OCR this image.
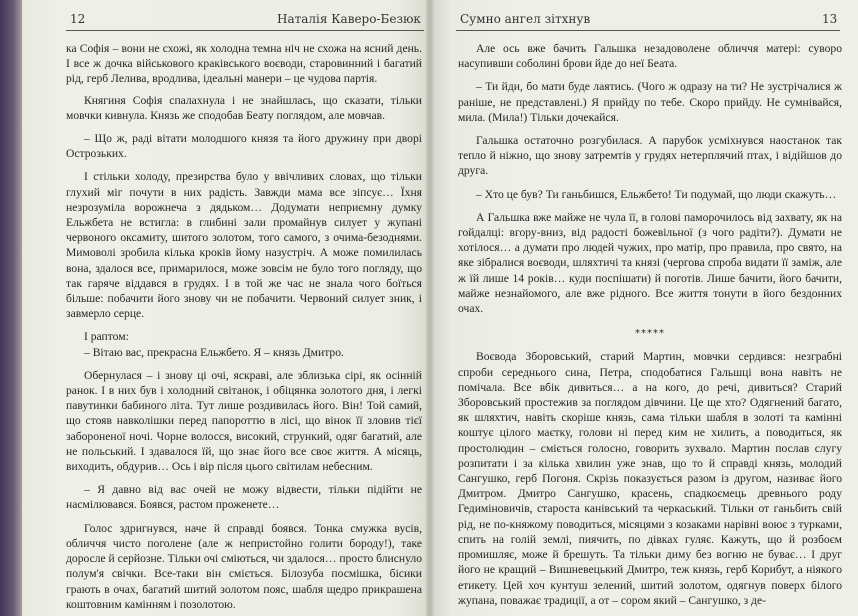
12	Наталія Каверо-Безюк

ка Софія – вони не схожі, як холодна темна ніч не схожа на ясний день. І все ж дочка військового краківського воєводи, старовинний і багатий рід, герб Лелива, вродлива, ідеальні манери – це чудова партія.

Княгиня Софія спалахнула і не знайшлась, що сказати, тільки мовчки кивнула. Князь же сподобав Беату поглядом, але мовчав.

– Що ж, раді вітати молодшого князя та його дружину при дворі Острозьких.

І стільки холоду, презирства було у ввічливих словах, що тільки глухий міг почути в них радість. Завжди мама все зіпсує… Їхня незрозуміла ворожнеча з дядьком… Додумати неприємну думку Ельжбета не встигла: в глибині зали промайнув силует у жупані червоного оксамиту, шитого золотом, того самого, з очима-безоднями. Мимоволі зробила кілька кроків йому назустріч. А може помилилась вона, здалося все, примарилося, може зовсім не було того погляду, що так гаряче віддався в грудях. І в той же час не знала чого боїться більше: побачити його знову чи не побачити. Червоний силует зник, і завмерло серце.

І раптом:

– Вітаю вас, прекрасна Ельжбето. Я – князь Дмитро.

Обернулася – і знову ці очі, яскраві, але зблизька сірі, як осінній ранок. І в них був і холодний світанок, і обіцянка золотого дня, і легкі павутинки бабиного літа. Тут лише роздивилась його. Він! Той самий, що стояв навколішки перед папороттю в лісі, що вінок її зловив тієї забороненої ночі. Чорне волосся, високий, стрункий, одяг багатий, але не польський. І здавалося їй, що знає його все своє життя. А місяць, виходить, обдурив… Ось і вір після цього світилам небесним.

– Я давно від вас очей не можу відвести, тільки підійти не насмілювався. Боявся, растом проженете…

Голос здригнувся, наче й справді боявся. Тонка смужка вусів, обличчя чисто поголене (але ж непристойно голити бороду!), таке доросле й серйозне. Тільки очі сміються, чи здалося… просто блиснуло полум'я свічки. Все-таки він сміється. Білозуба посмішка, бісики грають в очах, багатий шитий золотом пояс, шабля щедро прикрашена коштовним камінням і позолотою.

Сумно ангел зітхнув	13

Але ось вже бачить Гальшка незадоволене обличчя матері: суворо насупивши соболині брови йде до неї Беата.

– Ти йди, бо мати буде лаятись. (Чого ж одразу на ти? Не зустрічалися ж раніше, не представлені.) Я прийду по тебе. Скоро прийду. Не сумнівайся, мила. (Мила!) Тільки дочекайся.

Гальшка остаточно розгубилася. А парубок усміхнувся наостанок так тепло й ніжно, що знову затремтів у грудях нетерплячий птах, і відійшов до друга.

– Хто це був? Ти ганьбишся, Ельжбето! Ти подумай, що люди скажуть…

А Гальшка вже майже не чула її, в голові паморочилось від захвату, як на гойдалці: вгору-вниз, від радості божевільної (з чого радіти?). Думати не хотілося… а думати про людей чужих, про матір, про правила, про свято, на яке зібралися воєводи, шляхтичі та князі (чергова спроба видати її заміж, але ж їй лише 14 років… куди поспішати) й поготів. Лише бачити, його бачити, майже незнайомого, але вже рідного. Все життя тонути в його бездонних очах.

*****

Воєвода Зборовський, старий Мартин, мовчки сердився: незграбні спроби середнього сина, Петра, сподобатися Гальшці вона навіть не помічала. Все вбік дивиться… а на кого, до речі, дивиться? Старий Зборовський простежив за поглядом дівчини. Це ще хто? Одягнений багато, як шляхтич, навіть скоріше князь, сама тільки шабля в золоті та камінні коштує цілого маєтку, голови ні перед ким не хилить, а поводиться, як простолюдин – сміється голосно, говорить зухвало. Мартин послав слугу розпитати і за кілька хвилин уже знав, що то й справді князь, молодий Сангушко, герб Погоня. Скрізь показується разом із другом, називає його Дмитром. Дмитро Сангушко, красень, спадкоємець древнього роду Гедиміновичів, староста канівський та черкаський. Тільки от ганьбить свій рід, не по-княжому поводиться, місяцями з козаками нарівні воює з турками, спить на голій землі, пиячить, по дівках гуляє. Кажуть, що й розбоєм промишляє, може й брешуть. Та тільки диму без вогню не буває… І друг його не кращий – Вишневецький Дмитро, теж князь, герб Корибут, а ніякого етикету. Цей хоч кунтуш зелений, шитий золотом, одягнув поверх білого жупана, поважає традиції, а от – сором який – Сангушко, з де-
